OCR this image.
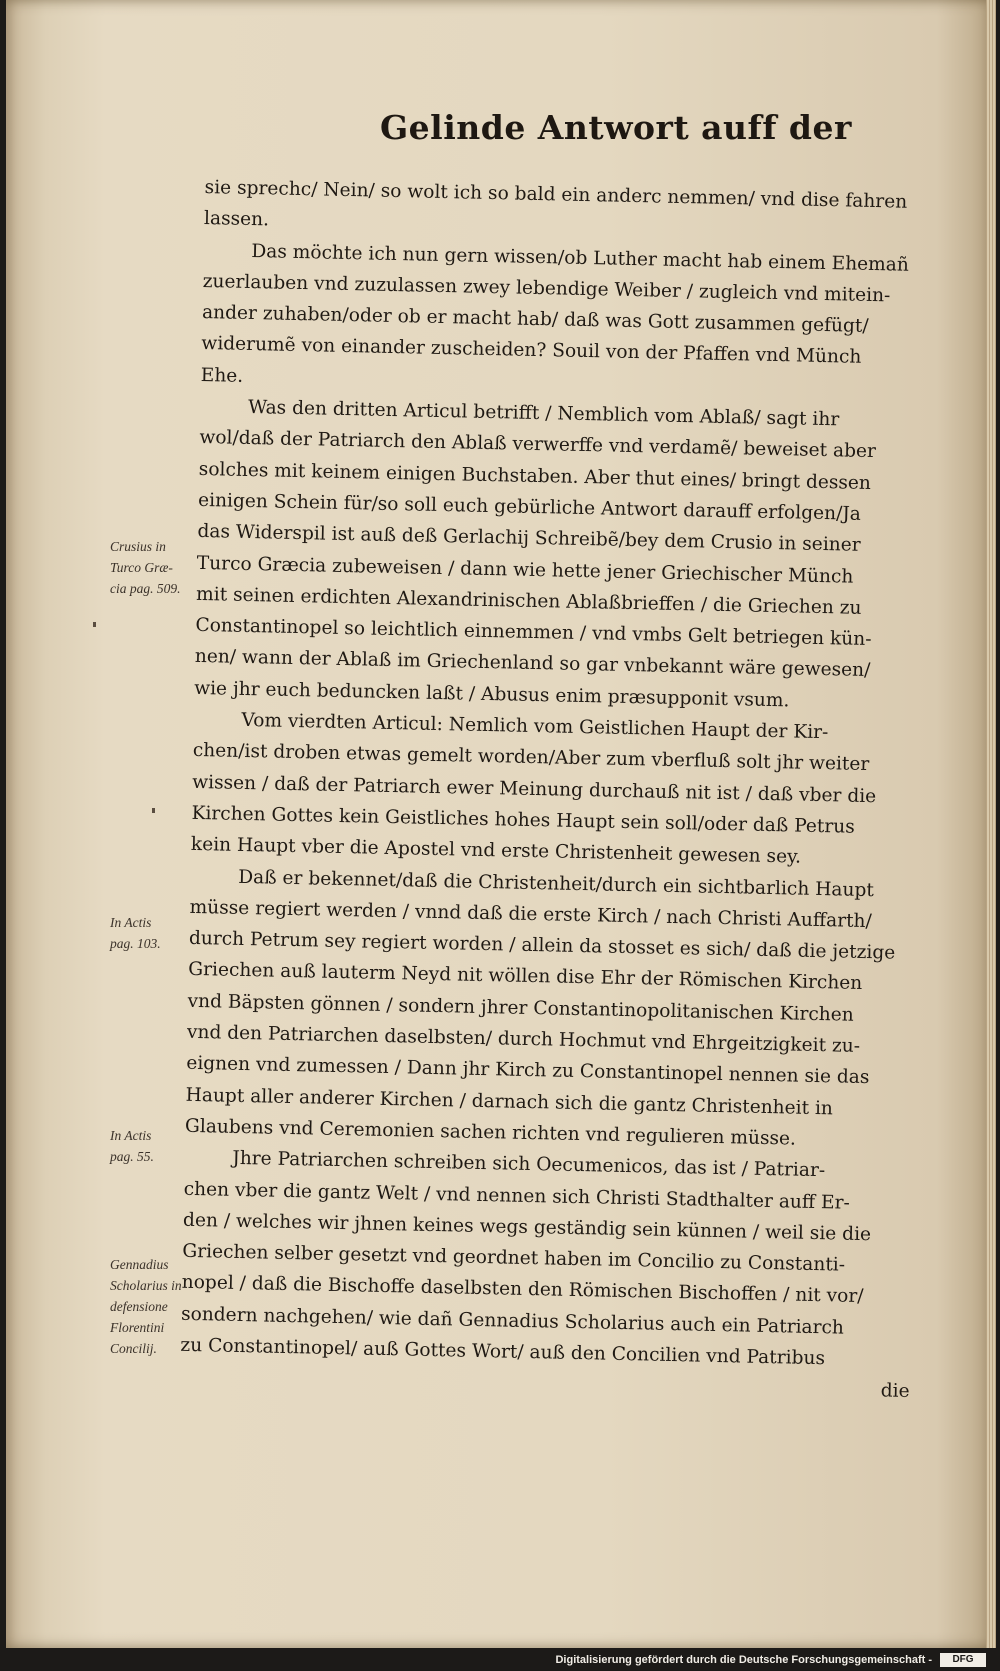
Gelinde Antwort auff der
sie sprechc/ Nein/ so wolt ich so bald ein anderc nemmen/ vnd dise fahren
lassen.
Das möchte ich nun gern wissen/ob Luther macht hab einem Ehemañ
zuerlauben vnd zuzulassen zwey lebendige Weiber / zugleich vnd mitein-
ander zuhaben/oder ob er macht hab/ daß was Gott zusammen gefügt/
widerumẽ von einander zuscheiden? Souil von der Pfaffen vnd Münch
Ehe.
Was den dritten Articul betrifft / Nemblich vom Ablaß/ sagt ihr
wol/daß der Patriarch den Ablaß verwerffe vnd verdamẽ/ beweiset aber
solches mit keinem einigen Buchstaben. Aber thut eines/ bringt dessen
einigen Schein für/so soll euch gebürliche Antwort darauff erfolgen/Ja
das Widerspil ist auß deß Gerlachij Schreibẽ/bey dem Crusio in seiner
Turco Græcia zubeweisen / dann wie hette jener Griechischer Münch
mit seinen erdichten Alexandrinischen Ablaßbrieffen / die Griechen zu
Constantinopel so leichtlich einnemmen / vnd vmbs Gelt betriegen kün-
nen/ wann der Ablaß im Griechenland so gar vnbekannt wäre gewesen/
wie jhr euch beduncken laßt / Abusus enim præsupponit vsum.
Vom vierdten Articul: Nemlich vom Geistlichen Haupt der Kir-
chen/ist droben etwas gemelt worden/Aber zum vberfluß solt jhr weiter
wissen / daß der Patriarch ewer Meinung durchauß nit ist / daß vber die
Kirchen Gottes kein Geistliches hohes Haupt sein soll/oder daß Petrus
kein Haupt vber die Apostel vnd erste Christenheit gewesen sey.
Daß er bekennet/daß die Christenheit/durch ein sichtbarlich Haupt
müsse regiert werden / vnnd daß die erste Kirch / nach Christi Auffarth/
durch Petrum sey regiert worden / allein da stosset es sich/ daß die jetzige
Griechen auß lauterm Neyd nit wöllen dise Ehr der Römischen Kirchen
vnd Bäpsten gönnen / sondern jhrer Constantinopolitanischen Kirchen
vnd den Patriarchen daselbsten/ durch Hochmut vnd Ehrgeitzigkeit zu-
eignen vnd zumessen / Dann jhr Kirch zu Constantinopel nennen sie das
Haupt aller anderer Kirchen / darnach sich die gantz Christenheit in
Glaubens vnd Ceremonien sachen richten vnd regulieren müsse.
Jhre Patriarchen schreiben sich Oecumenicos, das ist / Patriar-
chen vber die gantz Welt / vnd nennen sich Christi Stadthalter auff Er-
den / welches wir jhnen keines wegs geständig sein künnen / weil sie die
Griechen selber gesetzt vnd geordnet haben im Concilio zu Constanti-
nopel / daß die Bischoffe daselbsten den Römischen Bischoffen / nit vor/
sondern nachgehen/ wie dañ Gennadius Scholarius auch ein Patriarch
zu Constantinopel/ auß Gottes Wort/ auß den Concilien vnd Patribus
die
Crusius in
Turco Græ-
cia pag. 509.
In Actis
pag. 103.
In Actis
pag. 55.
Gennadius
Scholarius in
defensione
Florentini
Concilij.
Digitalisierung gefördert durch die Deutsche Forschungsgemeinschaft -	DFG
